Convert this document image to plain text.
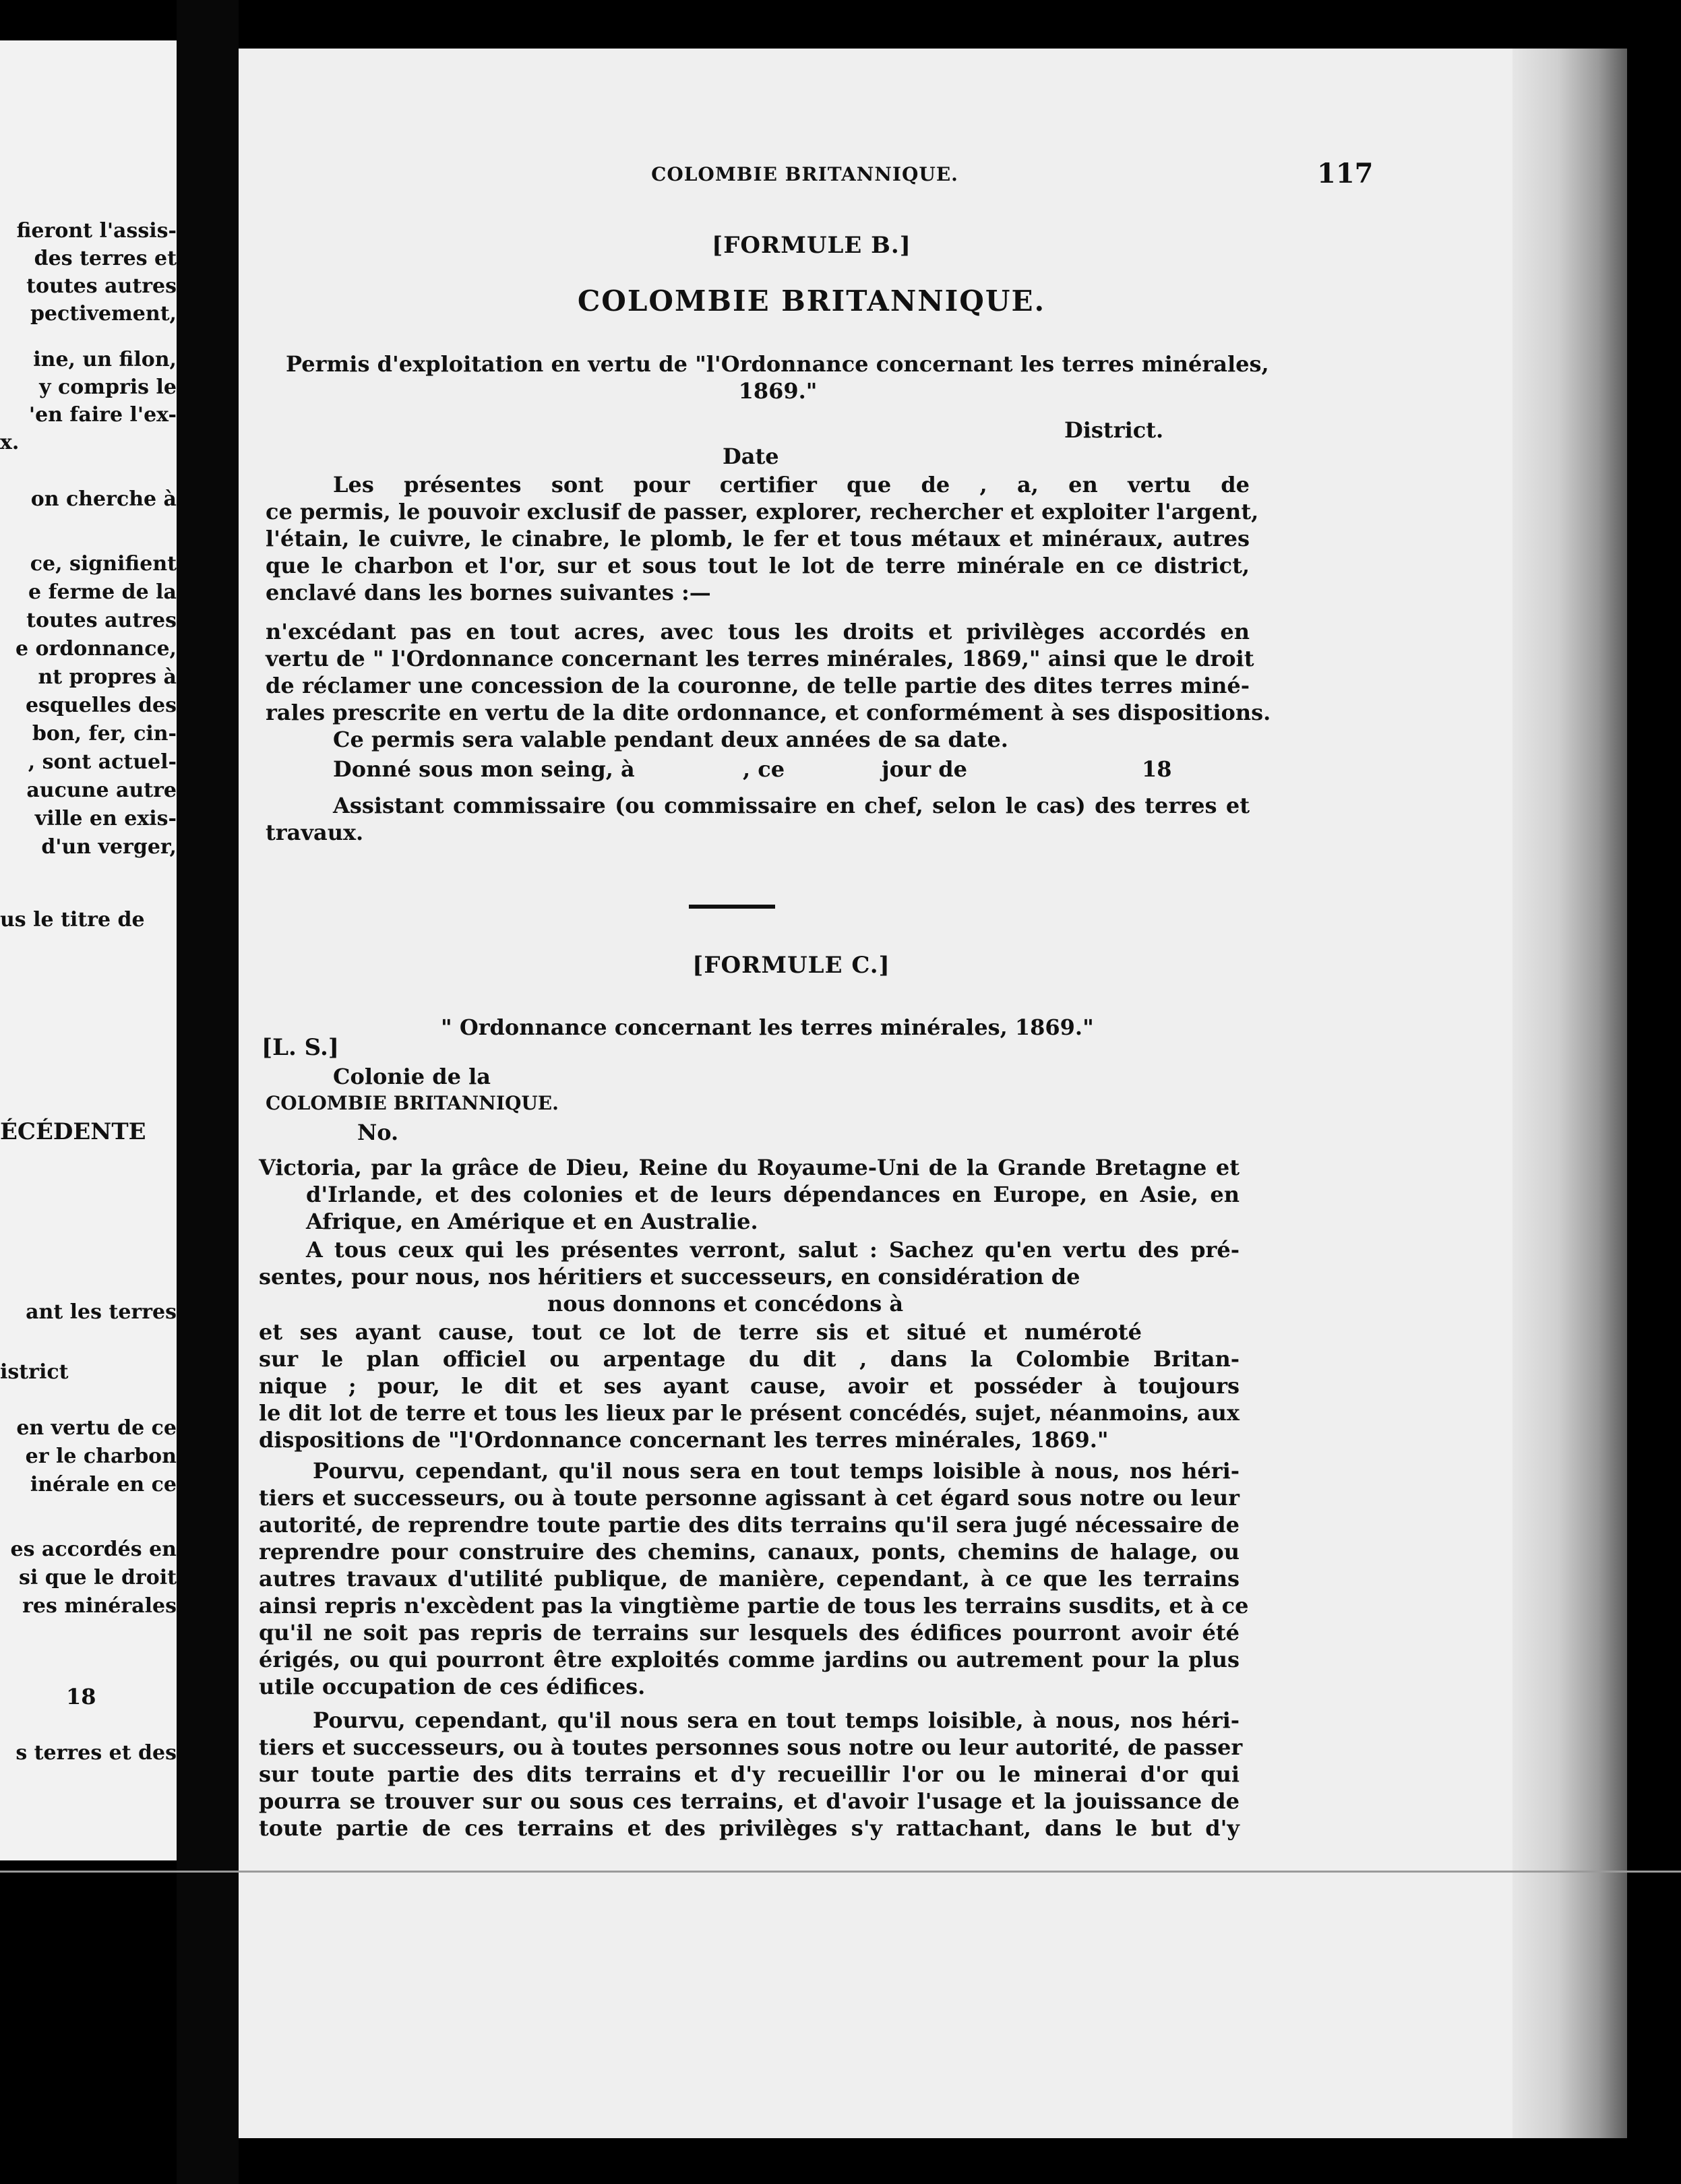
fieront l'assis-
des terres et
toutes autres
pectivement,
ine, un filon,
y compris le
'en faire l'ex-
x.
on cherche à
ce, signifient
e ferme de la
toutes autres
e ordonnance,
nt propres à
esquelles des
bon, fer, cin-
, sont actuel-
aucune autre
ville en exis-
d'un verger,
us le titre de
ÉCÉDENTE
ant les terres
istrict
en vertu de ce
er le charbon
inérale en ce
es accordés en
si que le droit
res minérales
18
s terres et des
COLOMBIE BRITANNIQUE.	117
[FORMULE B.]
COLOMBIE BRITANNIQUE.
Permis d'exploitation en vertu de "l'Ordonnance concernant les terres minérales,
1869."
District.
Date
Les présentes sont pour certifier que de , a, en vertu de
ce permis, le pouvoir exclusif de passer, explorer, rechercher et exploiter l'argent,
l'étain, le cuivre, le cinabre, le plomb, le fer et tous métaux et minéraux, autres
que le charbon et l'or, sur et sous tout le lot de terre minérale en ce district,
enclavé dans les bornes suivantes :—
n'excédant pas en tout acres, avec tous les droits et privilèges accordés en
vertu de " l'Ordonnance concernant les terres minérales, 1869," ainsi que le droit
de réclamer une concession de la couronne, de telle partie des dites terres miné-
rales prescrite en vertu de la dite ordonnance, et conformément à ses dispositions.
Ce permis sera valable pendant deux années de sa date.
Donné sous mon seing, à	, ce	jour de	18
Assistant commissaire (ou commissaire en chef, selon le cas) des terres et
travaux.
[FORMULE C.]
" Ordonnance concernant les terres minérales, 1869."
[L. S.]
Colonie de la
COLOMBIE BRITANNIQUE.
No.
Victoria, par la grâce de Dieu, Reine du Royaume-Uni de la Grande Bretagne et
d'Irlande, et des colonies et de leurs dépendances en Europe, en Asie, en
Afrique, en Amérique et en Australie.
A tous ceux qui les présentes verront, salut : Sachez qu'en vertu des pré-
sentes, pour nous, nos héritiers et successeurs, en considération de
nous donnons et concédons à
et ses ayant cause, tout ce lot de terre sis et situé et numéroté
sur le plan officiel ou arpentage du dit , dans la Colombie Britan-
nique ; pour, le dit et ses ayant cause, avoir et posséder à toujours
le dit lot de terre et tous les lieux par le présent concédés, sujet, néanmoins, aux
dispositions de "l'Ordonnance concernant les terres minérales, 1869."
Pourvu, cependant, qu'il nous sera en tout temps loisible à nous, nos héri-
tiers et successeurs, ou à toute personne agissant à cet égard sous notre ou leur
autorité, de reprendre toute partie des dits terrains qu'il sera jugé nécessaire de
reprendre pour construire des chemins, canaux, ponts, chemins de halage, ou
autres travaux d'utilité publique, de manière, cependant, à ce que les terrains
ainsi repris n'excèdent pas la vingtième partie de tous les terrains susdits, et à ce
qu'il ne soit pas repris de terrains sur lesquels des édifices pourront avoir été
érigés, ou qui pourront être exploités comme jardins ou autrement pour la plus
utile occupation de ces édifices.
Pourvu, cependant, qu'il nous sera en tout temps loisible, à nous, nos héri-
tiers et successeurs, ou à toutes personnes sous notre ou leur autorité, de passer
sur toute partie des dits terrains et d'y recueillir l'or ou le minerai d'or qui
pourra se trouver sur ou sous ces terrains, et d'avoir l'usage et la jouissance de
toute partie de ces terrains et des privilèges s'y rattachant, dans le but d'y
